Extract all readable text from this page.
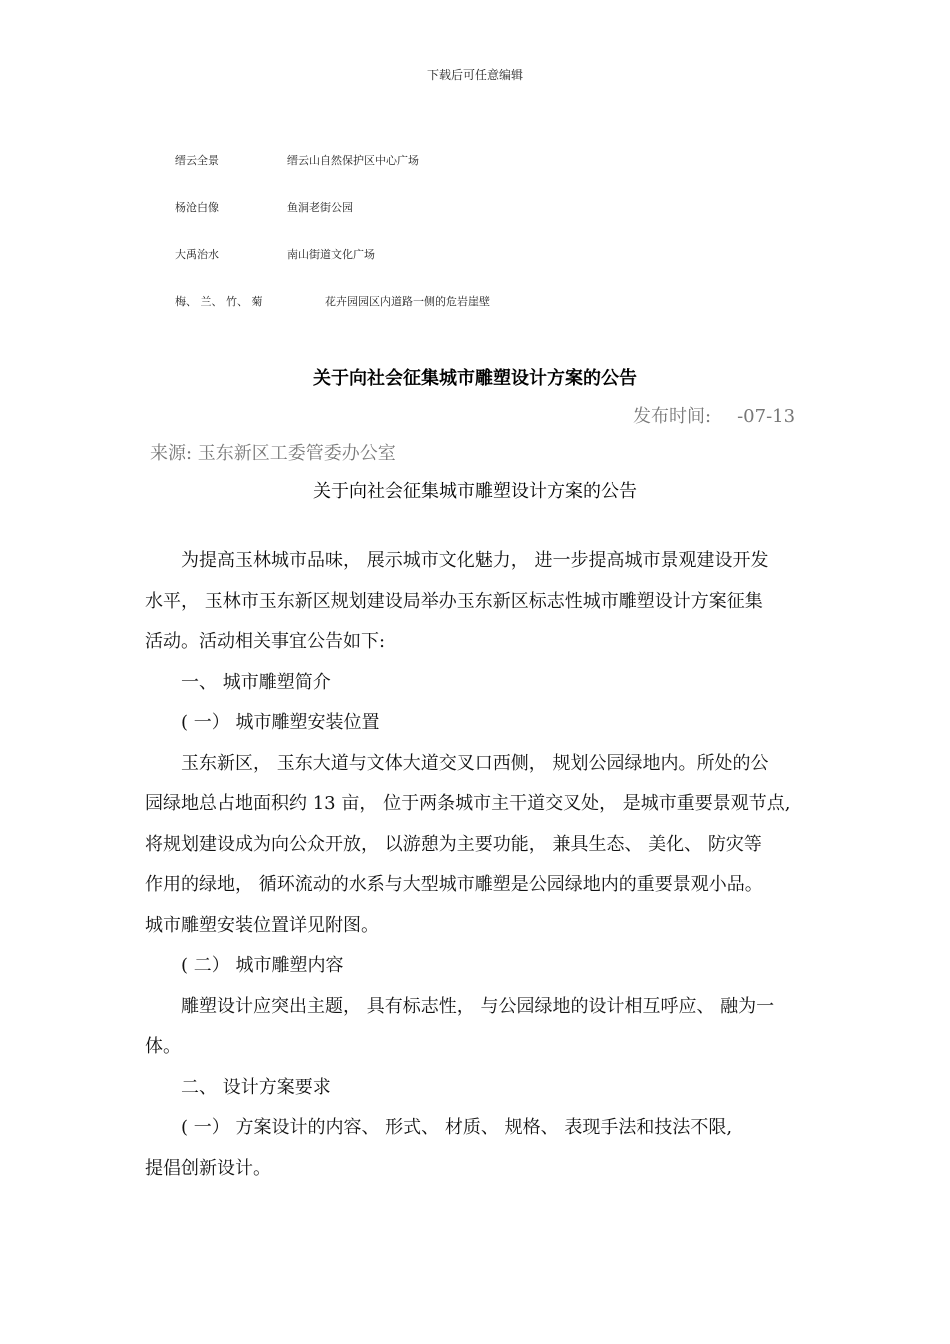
下载后可任意编辑
缙云全景	缙云山自然保护区中心广场
杨沧白像	鱼洞老街公园
大禹治水	南山街道文化广场
梅、 兰、 竹、 菊	花卉园园区内道路一侧的危岩崖壁
关于向社会征集城市雕塑设计方案的公告
发布时间: -07-13
来源: 玉东新区工委管委办公室
关于向社会征集城市雕塑设计方案的公告

为提高玉林城市品味， 展示城市文化魅力， 进一步提高城市景观建设开发

水平， 玉林市玉东新区规划建设局举办玉东新区标志性城市雕塑设计方案征集

活动。活动相关事宜公告如下:

一、 城市雕塑简介

( 一） 城市雕塑安装位置

玉东新区， 玉东大道与文体大道交叉口西侧， 规划公园绿地内。所处的公

园绿地总占地面积约 13 亩， 位于两条城市主干道交叉处， 是城市重要景观节点,

将规划建设成为向公众开放， 以游憩为主要功能， 兼具生态、 美化、 防灾等

作用的绿地， 循环流动的水系与大型城市雕塑是公园绿地内的重要景观小品。

城市雕塑安装位置详见附图。

( 二） 城市雕塑内容

雕塑设计应突出主题， 具有标志性， 与公园绿地的设计相互呼应、 融为一

体。

二、 设计方案要求

( 一） 方案设计的内容、 形式、 材质、 规格、 表现手法和技法不限,

提倡创新设计。
